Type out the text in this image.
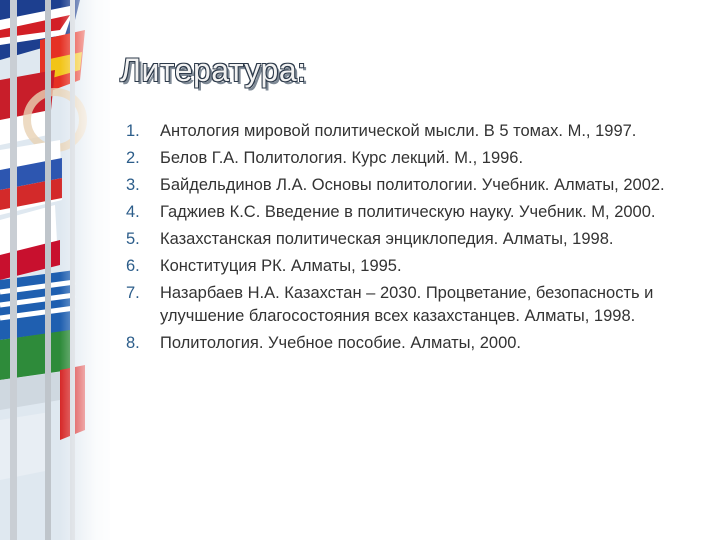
Литература:
1.	Антология мировой политической мысли. В 5 томах. М., 1997.
2.	Белов Г.А. Политология. Курс лекций. М., 1996.
3.	Байдельдинов Л.А. Основы политологии. Учебник. Алматы, 2002.
4.	Гаджиев К.С. Введение в политическую науку. Учебник. М, 2000.
5.	Казахстанская политическая энциклопедия. Алматы, 1998.
6.	Конституция РК. Алматы, 1995.
7.	Назарбаев Н.А. Казахстан – 2030. Процветание, безопасность и улучшение благосостояния всех казахстанцев. Алматы, 1998.
8.	Политология. Учебное пособие. Алматы, 2000.
